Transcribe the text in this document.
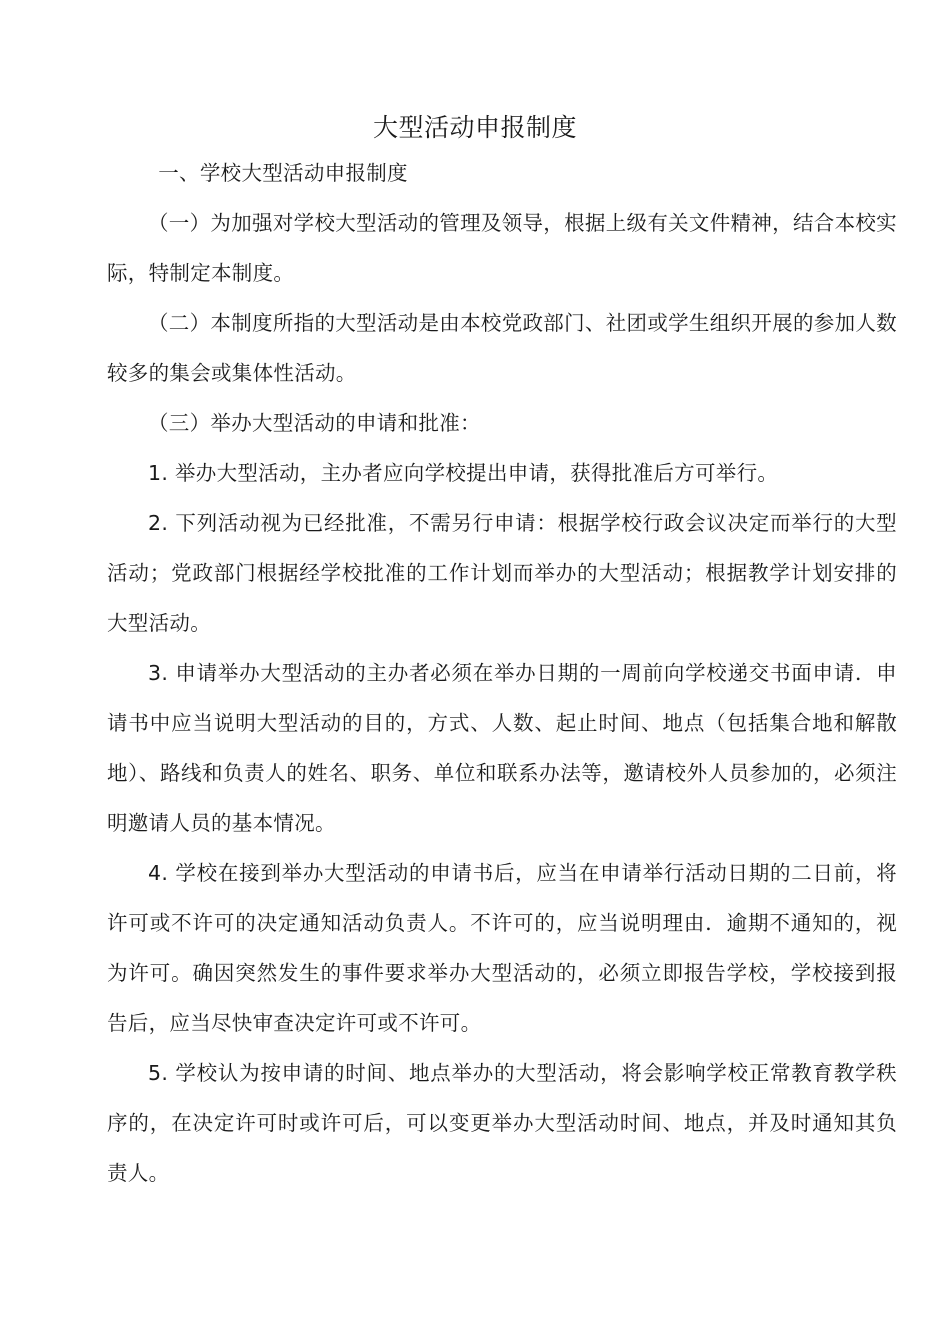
大型活动申报制度

一、学校大型活动申报制度

（一）为加强对学校大型活动的管理及领导，根据上级有关文件精神，结合本校实际，特制定本制度。

（二）本制度所指的大型活动是由本校党政部门、社团或学生组织开展的参加人数较多的集会或集体性活动。

（三）举办大型活动的申请和批准：

1. 举办大型活动，主办者应向学校提出申请，获得批准后方可举行。

2. 下列活动视为已经批准，不需另行申请：根据学校行政会议决定而举行的大型活动；党政部门根据经学校批准的工作计划而举办的大型活动；根据教学计划安排的大型活动。

3. 申请举办大型活动的主办者必须在举办日期的一周前向学校递交书面申请．申请书中应当说明大型活动的目的，方式、人数、起止时间、地点（包括集合地和解散地）、路线和负责人的姓名、职务、单位和联系办法等，邀请校外人员参加的，必须注明邀请人员的基本情况。

4. 学校在接到举办大型活动的申请书后，应当在申请举行活动日期的二日前，将许可或不许可的决定通知活动负责人。不许可的，应当说明理由．逾期不通知的，视为许可。确因突然发生的事件要求举办大型活动的，必须立即报告学校，学校接到报告后，应当尽快审查决定许可或不许可。

5. 学校认为按申请的时间、地点举办的大型活动，将会影响学校正常教育教学秩序的，在决定许可时或许可后，可以变更举办大型活动时间、地点，并及时通知其负责人。
